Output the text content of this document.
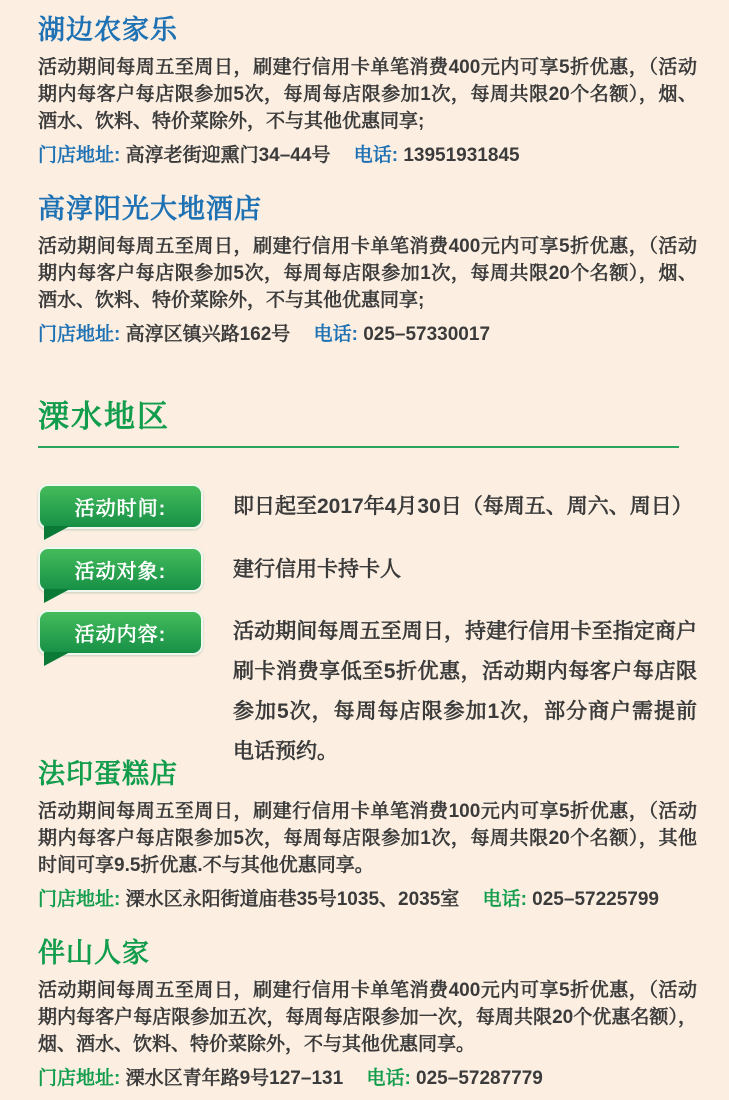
湖边农家乐

活动期间每周五至周日，刷建行信用卡单笔消费400元内可享5折优惠，（活动期内每客户每店限参加5次，每周每店限参加1次，每周共限20个名额），烟、酒水、饮料、特价菜除外，不与其他优惠同享;

门店地址: 高淳老街迎熏门34–44号 电话: 13951931845
高淳阳光大地酒店

活动期间每周五至周日，刷建行信用卡单笔消费400元内可享5折优惠，（活动期内每客户每店限参加5次，每周每店限参加1次，每周共限20个名额），烟、酒水、饮料、特价菜除外，不与其他优惠同享;

门店地址: 高淳区镇兴路162号 电话: 025–57330017
溧水地区
活动时间:	即日起至2017年4月30日（每周五、周六、周日）
活动对象:	建行信用卡持卡人
活动内容:	活动期间每周五至周日，持建行信用卡至指定商户刷卡消费享低至5折优惠，活动期内每客户每店限参加5次，每周每店限参加1次，部分商户需提前电话预约。
法印蛋糕店

活动期间每周五至周日，刷建行信用卡单笔消费100元内可享5折优惠，（活动期内每客户每店限参加5次，每周每店限参加1次，每周共限20个名额），其他时间可享9.5折优惠.不与其他优惠同享。

门店地址: 溧水区永阳街道庙巷35号1035、2035室 电话: 025–57225799
伴山人家

活动期间每周五至周日，刷建行信用卡单笔消费400元内可享5折优惠，（活动期内每客户每店限参加五次，每周每店限参加一次，每周共限20个优惠名额），烟、酒水、饮料、特价菜除外，不与其他优惠同享。

门店地址: 溧水区青年路9号127–131 电话: 025–57287779
